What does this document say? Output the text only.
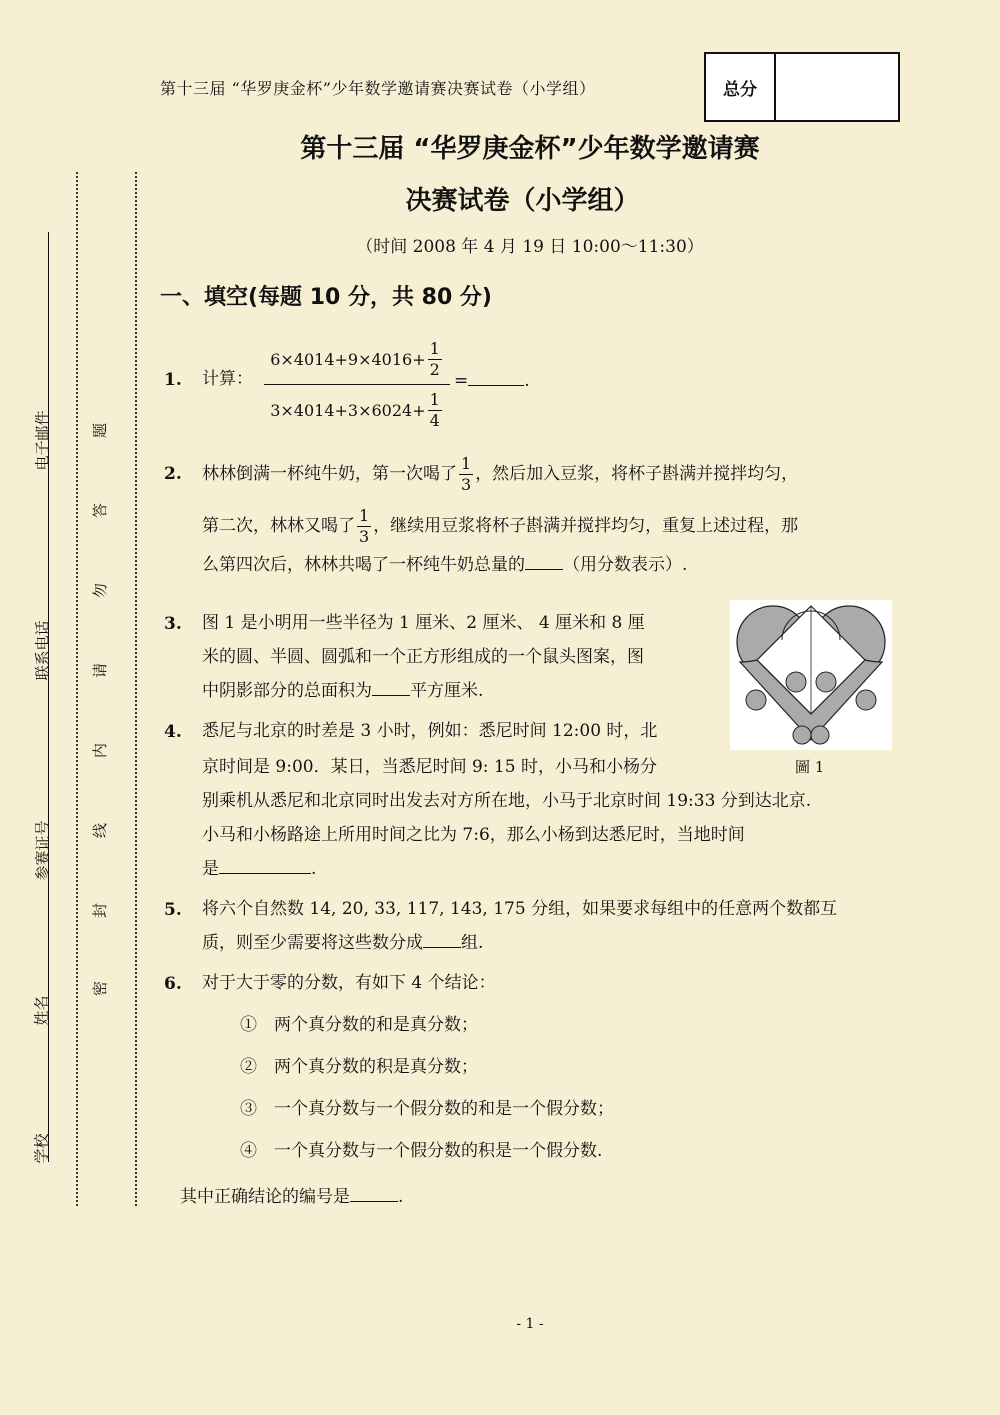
第十三届 “华罗庚金杯”少年数学邀请赛决赛试卷（小学组）	总分
第十三届 “华罗庚金杯”少年数学邀请赛
决赛试卷（小学组）
（时间 2008 年 4 月 19 日 10:00～11:30）
电子邮件
联系电话
参赛证号
姓名
学校
题
答
勿
请
内
线
封
密
一、填空(每题 10 分，共 80 分)
1. 计算：
$6\times 4014+9\times 4016+ \frac{1}{2}$
$3\times 4014+3\times 6024+ \frac{1}{4}$
=	.
2. 林林倒满一杯纯牛奶，第一次喝了 $\frac{1}{3}$ ，然后加入豆浆，将杯子斟满并搅拌均匀，
第二次，林林又喝了 $\frac{1}{3}$ ，继续用豆浆将杯子斟满并搅拌均匀，重复上述过程，那
么第四次后，林林共喝了一杯纯牛奶总量的 （用分数表示）.
3. 图 1 是小明用一些半径为 1 厘米、2 厘米、 4 厘米和 8 厘
米的圆、半圆、圆弧和一个正方形组成的一个鼠头图案，图
中阴影部分的总面积为 平方厘米.
圖 1
4. 悉尼与北京的时差是 3 小时，例如：悉尼时间 12:00 时，北
京时间是 9:00．某日，当悉尼时间 9: 15 时，小马和小杨分
别乘机从悉尼和北京同时出发去对方所在地，小马于北京时间 19:33 分到达北京.
小马和小杨路途上所用时间之比为 7:6，那么小杨到达悉尼时，当地时间
是	.
5. 将六个自然数 14, 20, 33, 117, 143, 175 分组，如果要求每组中的任意两个数都互
质，则至少需要将这些数分成 组.
6. 对于大于零的分数，有如下 4 个结论：
①　两个真分数的和是真分数；
②　两个真分数的积是真分数；
③　一个真分数与一个假分数的和是一个假分数；
④　一个真分数与一个假分数的积是一个假分数.
其中正确结论的编号是	.
- 1 -
